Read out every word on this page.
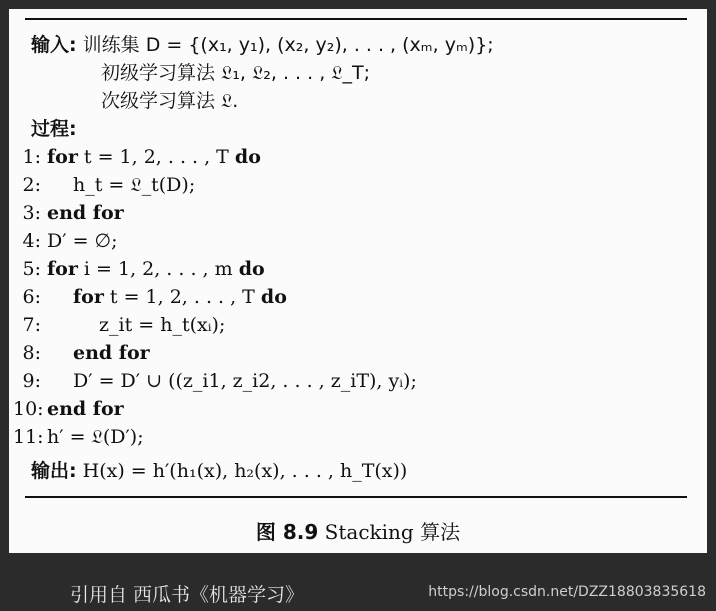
输入: 训练集 D = {(x₁, y₁), (x₂, y₂), . . . , (xₘ, yₘ)};
初级学习算法 𝔏₁, 𝔏₂, . . . , 𝔏_T;
次级学习算法 𝔏.
过程:
1: for t = 1, 2, . . . , T do
2: h_t = 𝔏_t(D);
3: end for
4: D′ = ∅;
5: for i = 1, 2, . . . , m do
6: for t = 1, 2, . . . , T do
7:	z_it = h_t(xᵢ);
8: end for
9: D′ = D′ ∪ ((z_i1, z_i2, . . . , z_iT), yᵢ);
10: end for
11: h′ = 𝔏(D′);
输出: H(x) = h′(h₁(x), h₂(x), . . . , h_T(x))
图 8.9 Stacking 算法
引用自 西瓜书《机器学习》	https://blog.csdn.net/DZZ18803835618
